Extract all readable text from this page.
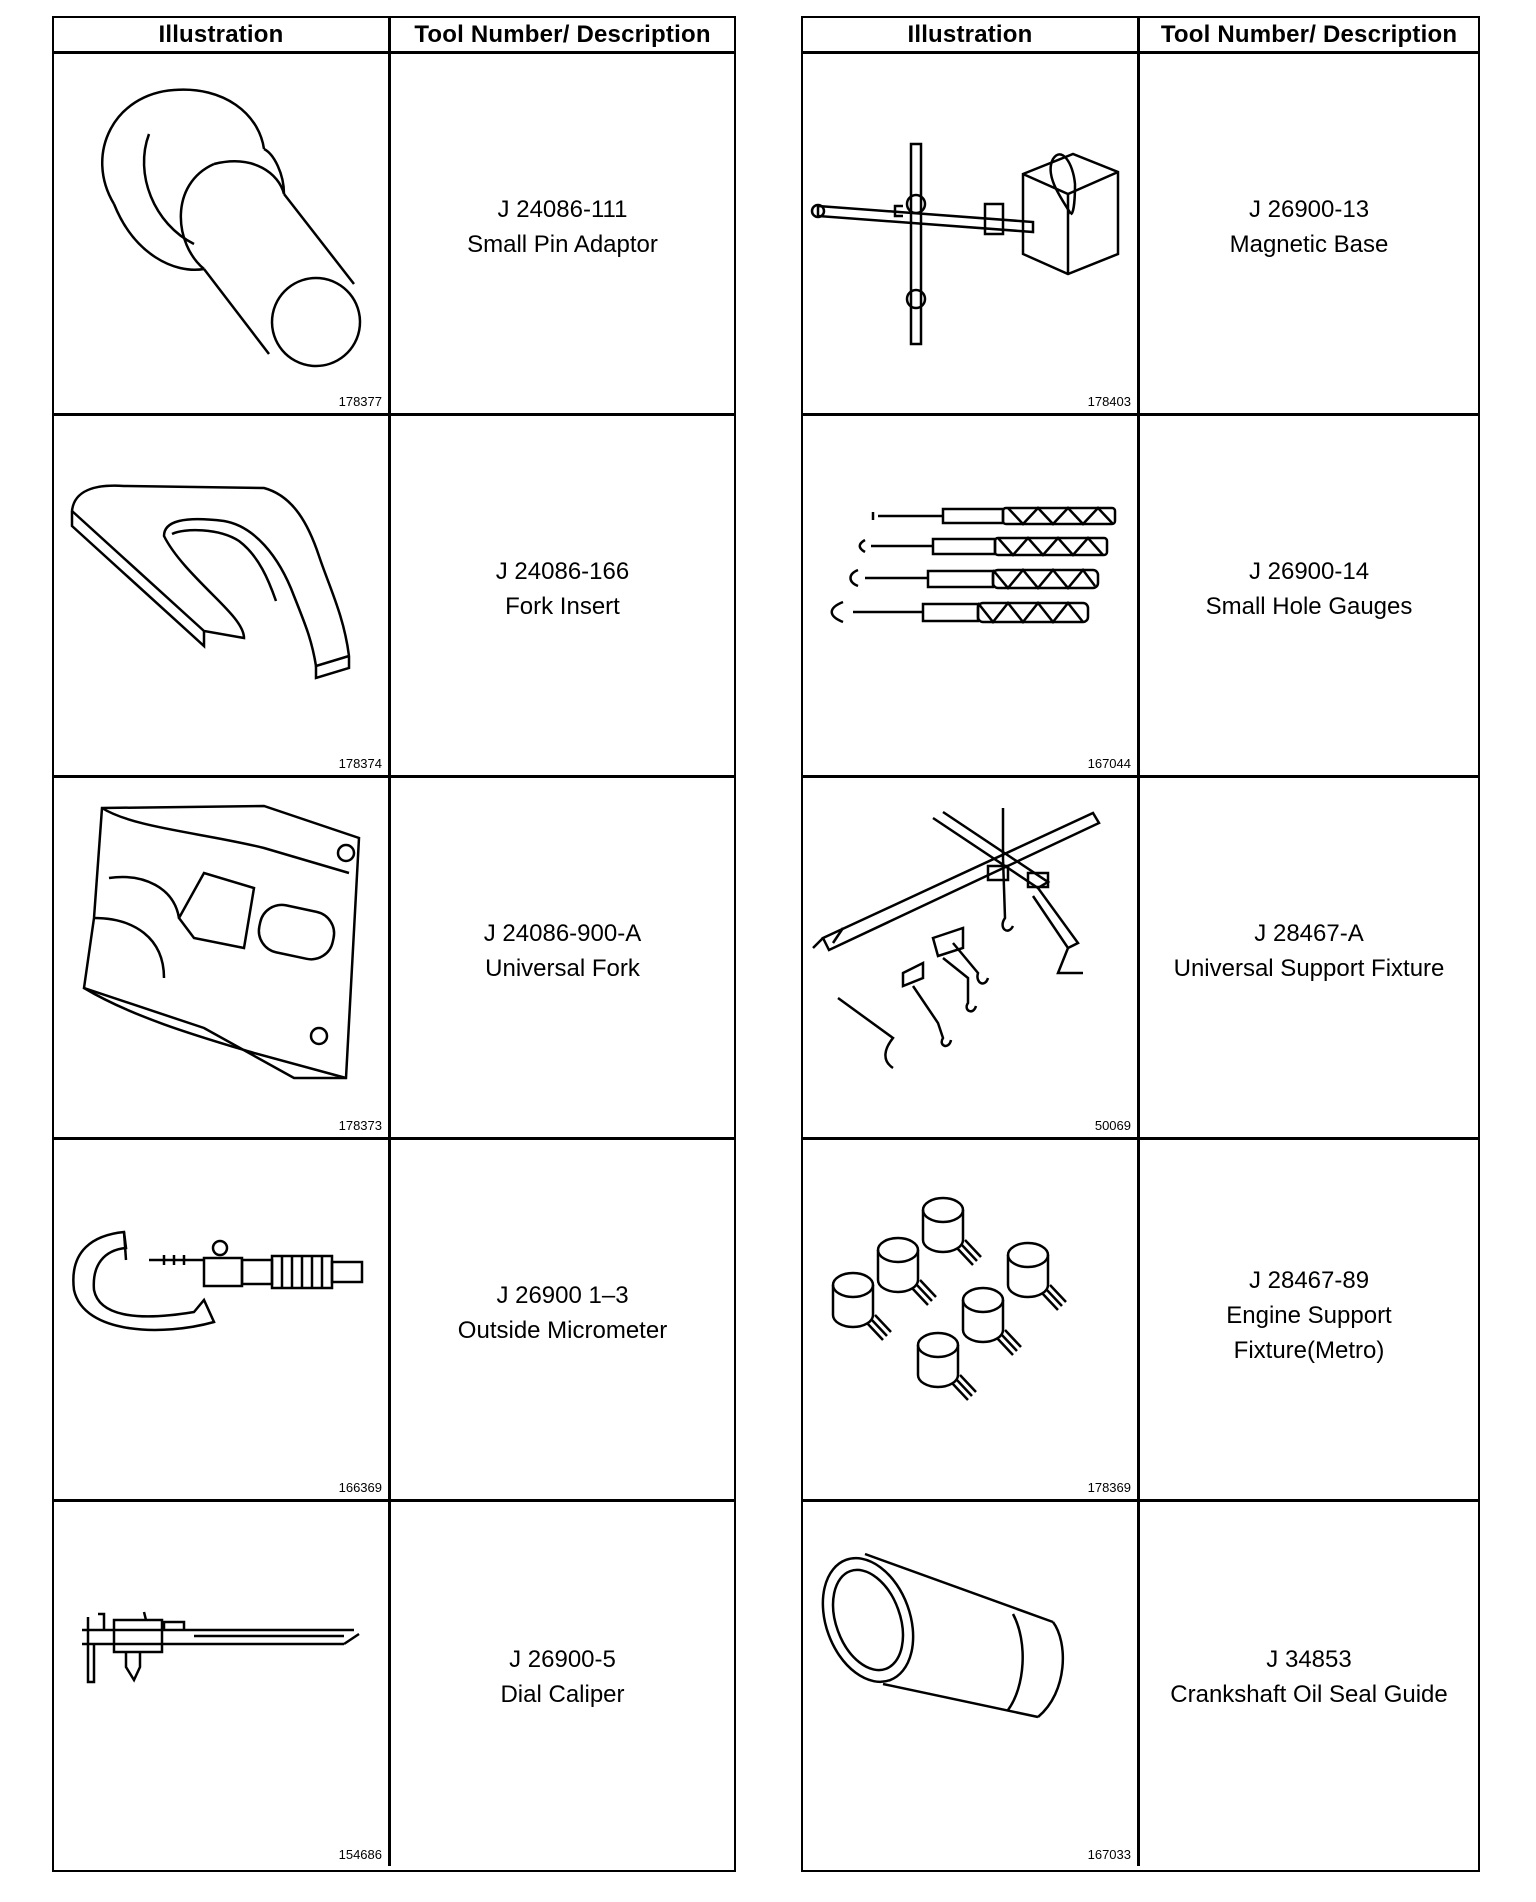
Illustration	Tool Number/ Description
178377
J 24086-111
Small Pin Adaptor
178374
J 24086-166
Fork Insert
178373
J 24086-900-A
Universal Fork
166369
J 26900 1–3
Outside Micrometer
154686
J 26900-5
Dial Caliper
Illustration	Tool Number/ Description
178403
J 26900-13
Magnetic Base
167044
J 26900-14
Small Hole Gauges
50069
J 28467-A
Universal Support Fixture
178369
J 28467-89
Engine Support
Fixture(Metro)
167033
J 34853
Crankshaft Oil Seal Guide
